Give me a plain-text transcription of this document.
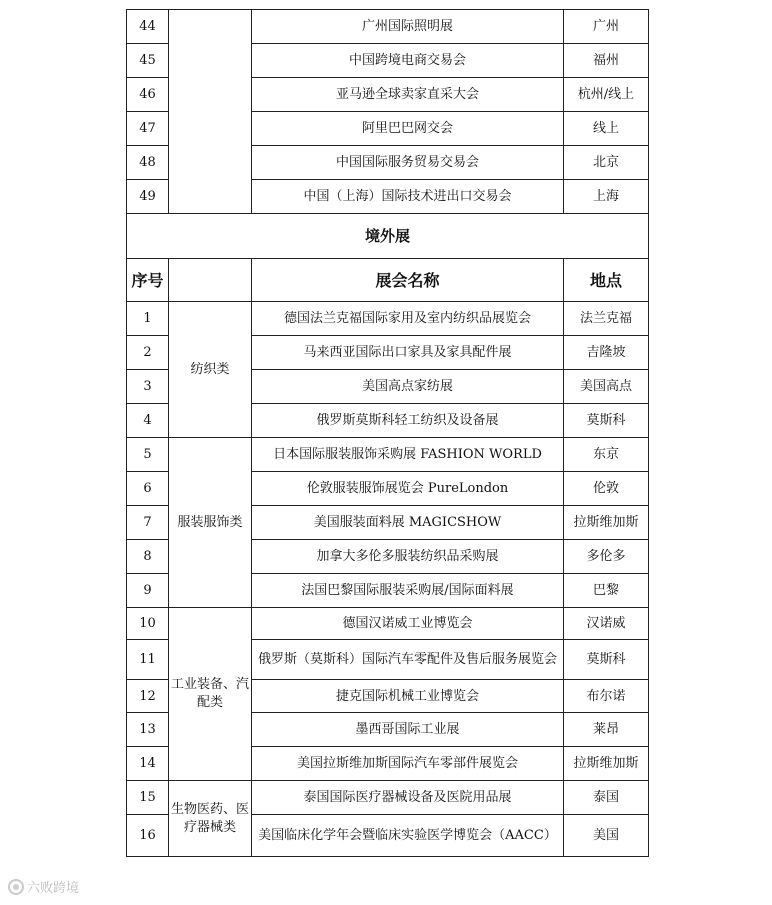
44		广州国际照明展	广州
45		中国跨境电商交易会	福州
46		亚马逊全球卖家直采大会	杭州/线上
47		阿里巴巴网交会	线上
48		中国国际服务贸易交易会	北京
49		中国（上海）国际技术进出口交易会	上海
境外展			
序号		展会名称	地点
1	纺织类	德国法兰克福国际家用及室内纺织品展览会	法兰克福
2		马来西亚国际出口家具及家具配件展	吉隆坡
3		美国高点家纺展	美国高点
4		俄罗斯莫斯科轻工纺织及设备展	莫斯科
5	服装服饰类	日本国际服装服饰采购展 FASHION WORLD	东京
6		伦敦服装服饰展览会 PureLondon	伦敦
7		美国服装面料展 MAGICSHOW	拉斯维加斯
8		加拿大多伦多服装纺织品采购展	多伦多
9		法国巴黎国际服装采购展/国际面料展	巴黎
10	工业装备、汽配类	德国汉诺威工业博览会	汉诺威
11		俄罗斯（莫斯科）国际汽车零配件及售后服务展览会	莫斯科
12		捷克国际机械工业博览会	布尔诺
13		墨西哥国际工业展	莱昂
14		美国拉斯维加斯国际汽车零部件展览会	拉斯维加斯
15	生物医药、医疗器械类	泰国国际医疗器械设备及医院用品展	泰国
16		美国临床化学年会暨临床实验医学博览会（AACC）	美国
六败跨境
